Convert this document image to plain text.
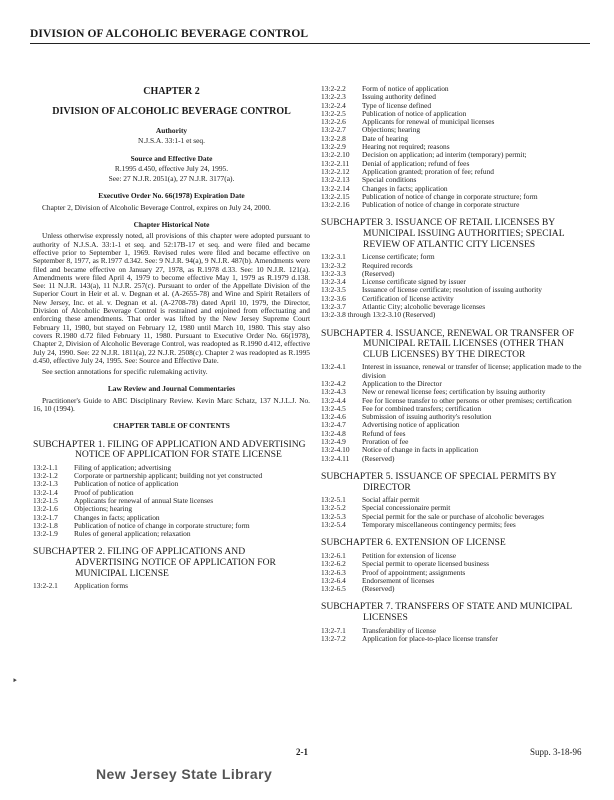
DIVISION OF ALCOHOLIC BEVERAGE CONTROL
CHAPTER 2
DIVISION OF ALCOHOLIC BEVERAGE CONTROL
Authority
N.J.S.A. 33:1-1 et seq.
Source and Effective Date
R.1995 d.450, effective July 24, 1995.
See: 27 N.J.R. 2051(a), 27 N.J.R. 3177(a).
Executive Order No. 66(1978) Expiration Date

Chapter 2, Division of Alcoholic Beverage Control, expires on July 24, 2000.

Chapter Historical Note

Unless otherwise expressly noted, all provisions of this chapter were adopted pursuant to authority of N.J.S.A. 33:1-1 et seq. and 52:17B-17 et seq. and were filed and became effective prior to September 1, 1969. Revised rules were filed and became effective on September 8, 1977, as R.1977 d.342. See: 9 N.J.R. 94(a), 9 N.J.R. 487(b). Amendments were filed and became effective on January 27, 1978, as R.1978 d.33. See: 10 N.J.R. 121(a). Amendments were filed April 4, 1979 to become effective May 1, 1979 as R.1979 d.138. See: 11 N.J.R. 143(a), 11 N.J.R. 257(c). Pursuant to order of the Appellate Division of the Superior Court in Heir et al. v. Degnan et al. (A-2655-78) and Wine and Spirit Retailers of New Jersey, Inc. et al. v. Degnan et al. (A-2708-78) dated April 10, 1979, the Director, Division of Alcoholic Beverage Control is restrained and enjoined from effectuating and enforcing these amendments. That order was lifted by the New Jersey Supreme Court February 11, 1980, but stayed on February 12, 1980 until March 10, 1980. This stay also covers R.1980 d.72 filed February 11, 1980. Pursuant to Executive Order No. 66(1978), Chapter 2, Division of Alcoholic Beverage Control, was readopted as R.1990 d.412, effective July 24, 1990. See: 22 N.J.R. 1811(a), 22 N.J.R. 2508(c). Chapter 2 was readopted as R.1995 d.450, effective July 24, 1995. See: Source and Effective Date.

See section annotations for specific rulemaking activity.

Law Review and Journal Commentaries

Practitioner's Guide to ABC Disciplinary Review. Kevin Marc Schatz, 137 N.J.L.J. No. 16, 10 (1994).

CHAPTER TABLE OF CONTENTS
SUBCHAPTER 1. FILING OF APPLICATION AND ADVERTISING NOTICE OF APPLICATION FOR STATE LICENSE
13:2-1.1	Filing of application; advertising
13:2-1.2	Corporate or partnership applicant; building not yet constructed
13:2-1.3	Publication of notice of application
13:2-1.4	Proof of publication
13:2-1.5	Applicants for renewal of annual State licenses
13:2-1.6	Objections; hearing
13:2-1.7	Changes in facts; application
13:2-1.8	Publication of notice of change in corporate structure; form
13:2-1.9	Rules of general application; relaxation
SUBCHAPTER 2. FILING OF APPLICATIONS AND ADVERTISING NOTICE OF APPLICATION FOR MUNICIPAL LICENSE
13:2-2.1	Application forms
13:2-2.2	Form of notice of application
13:2-2.3	Issuing authority defined
13:2-2.4	Type of license defined
13:2-2.5	Publication of notice of application
13:2-2.6	Applicants for renewal of municipal licenses
13:2-2.7	Objections; hearing
13:2-2.8	Date of hearing
13:2-2.9	Hearing not required; reasons
13:2-2.10	Decision on application; ad interim (temporary) permit;
13:2-2.11	Denial of application; refund of fees
13:2-2.12	Application granted; proration of fee; refund
13:2-2.13	Special conditions
13:2-2.14	Changes in facts; application
13:2-2.15	Publication of notice of change in corporate structure; form
13:2-2.16	Publication of notice of change in corporate structure
SUBCHAPTER 3. ISSUANCE OF RETAIL LICENSES BY MUNICIPAL ISSUING AUTHORITIES; SPECIAL REVIEW OF ATLANTIC CITY LICENSES
13:2-3.1	License certificate; form
13:2-3.2	Required records
13:2-3.3	(Reserved)
13:2-3.4	License certificate signed by issuer
13:2-3.5	Issuance of license certificate; resolution of issuing authority
13:2-3.6	Certification of license activity
13:2-3.7	Atlantic City; alcoholic beverage licenses
13:2-3.8 through 13:2-3.10 (Reserved)
SUBCHAPTER 4. ISSUANCE, RENEWAL OR TRANSFER OF MUNICIPAL RETAIL LICENSES (OTHER THAN CLUB LICENSES) BY THE DIRECTOR
13:2-4.1	Interest in issuance, renewal or transfer of license; application made to the division
13:2-4.2	Application to the Director
13:2-4.3	New or renewal license fees; certification by issuing authority
13:2-4.4	Fee for license transfer to other persons or other premises; certification
13:2-4.5	Fee for combined transfers; certification
13:2-4.6	Submission of issuing authority's resolution
13:2-4.7	Advertising notice of application
13:2-4.8	Refund of fees
13:2-4.9	Proration of fee
13:2-4.10	Notice of change in facts in application
13:2-4.11	(Reserved)
SUBCHAPTER 5. ISSUANCE OF SPECIAL PERMITS BY DIRECTOR
13:2-5.1	Social affair permit
13:2-5.2	Special concessionaire permit
13:2-5.3	Special permit for the sale or purchase of alcoholic beverages
13:2-5.4	Temporary miscellaneous contingency permits; fees
SUBCHAPTER 6. EXTENSION OF LICENSE
13:2-6.1	Petition for extension of license
13:2-6.2	Special permit to operate licensed business
13:2-6.3	Proof of appointment; assignments
13:2-6.4	Endorsement of licenses
13:2-6.5	(Reserved)
SUBCHAPTER 7. TRANSFERS OF STATE AND MUNICIPAL LICENSES
13:2-7.1	Transferability of license
13:2-7.2	Application for place-to-place license transfer
‣
2-1	Supp. 3-18-96
New Jersey State Library
